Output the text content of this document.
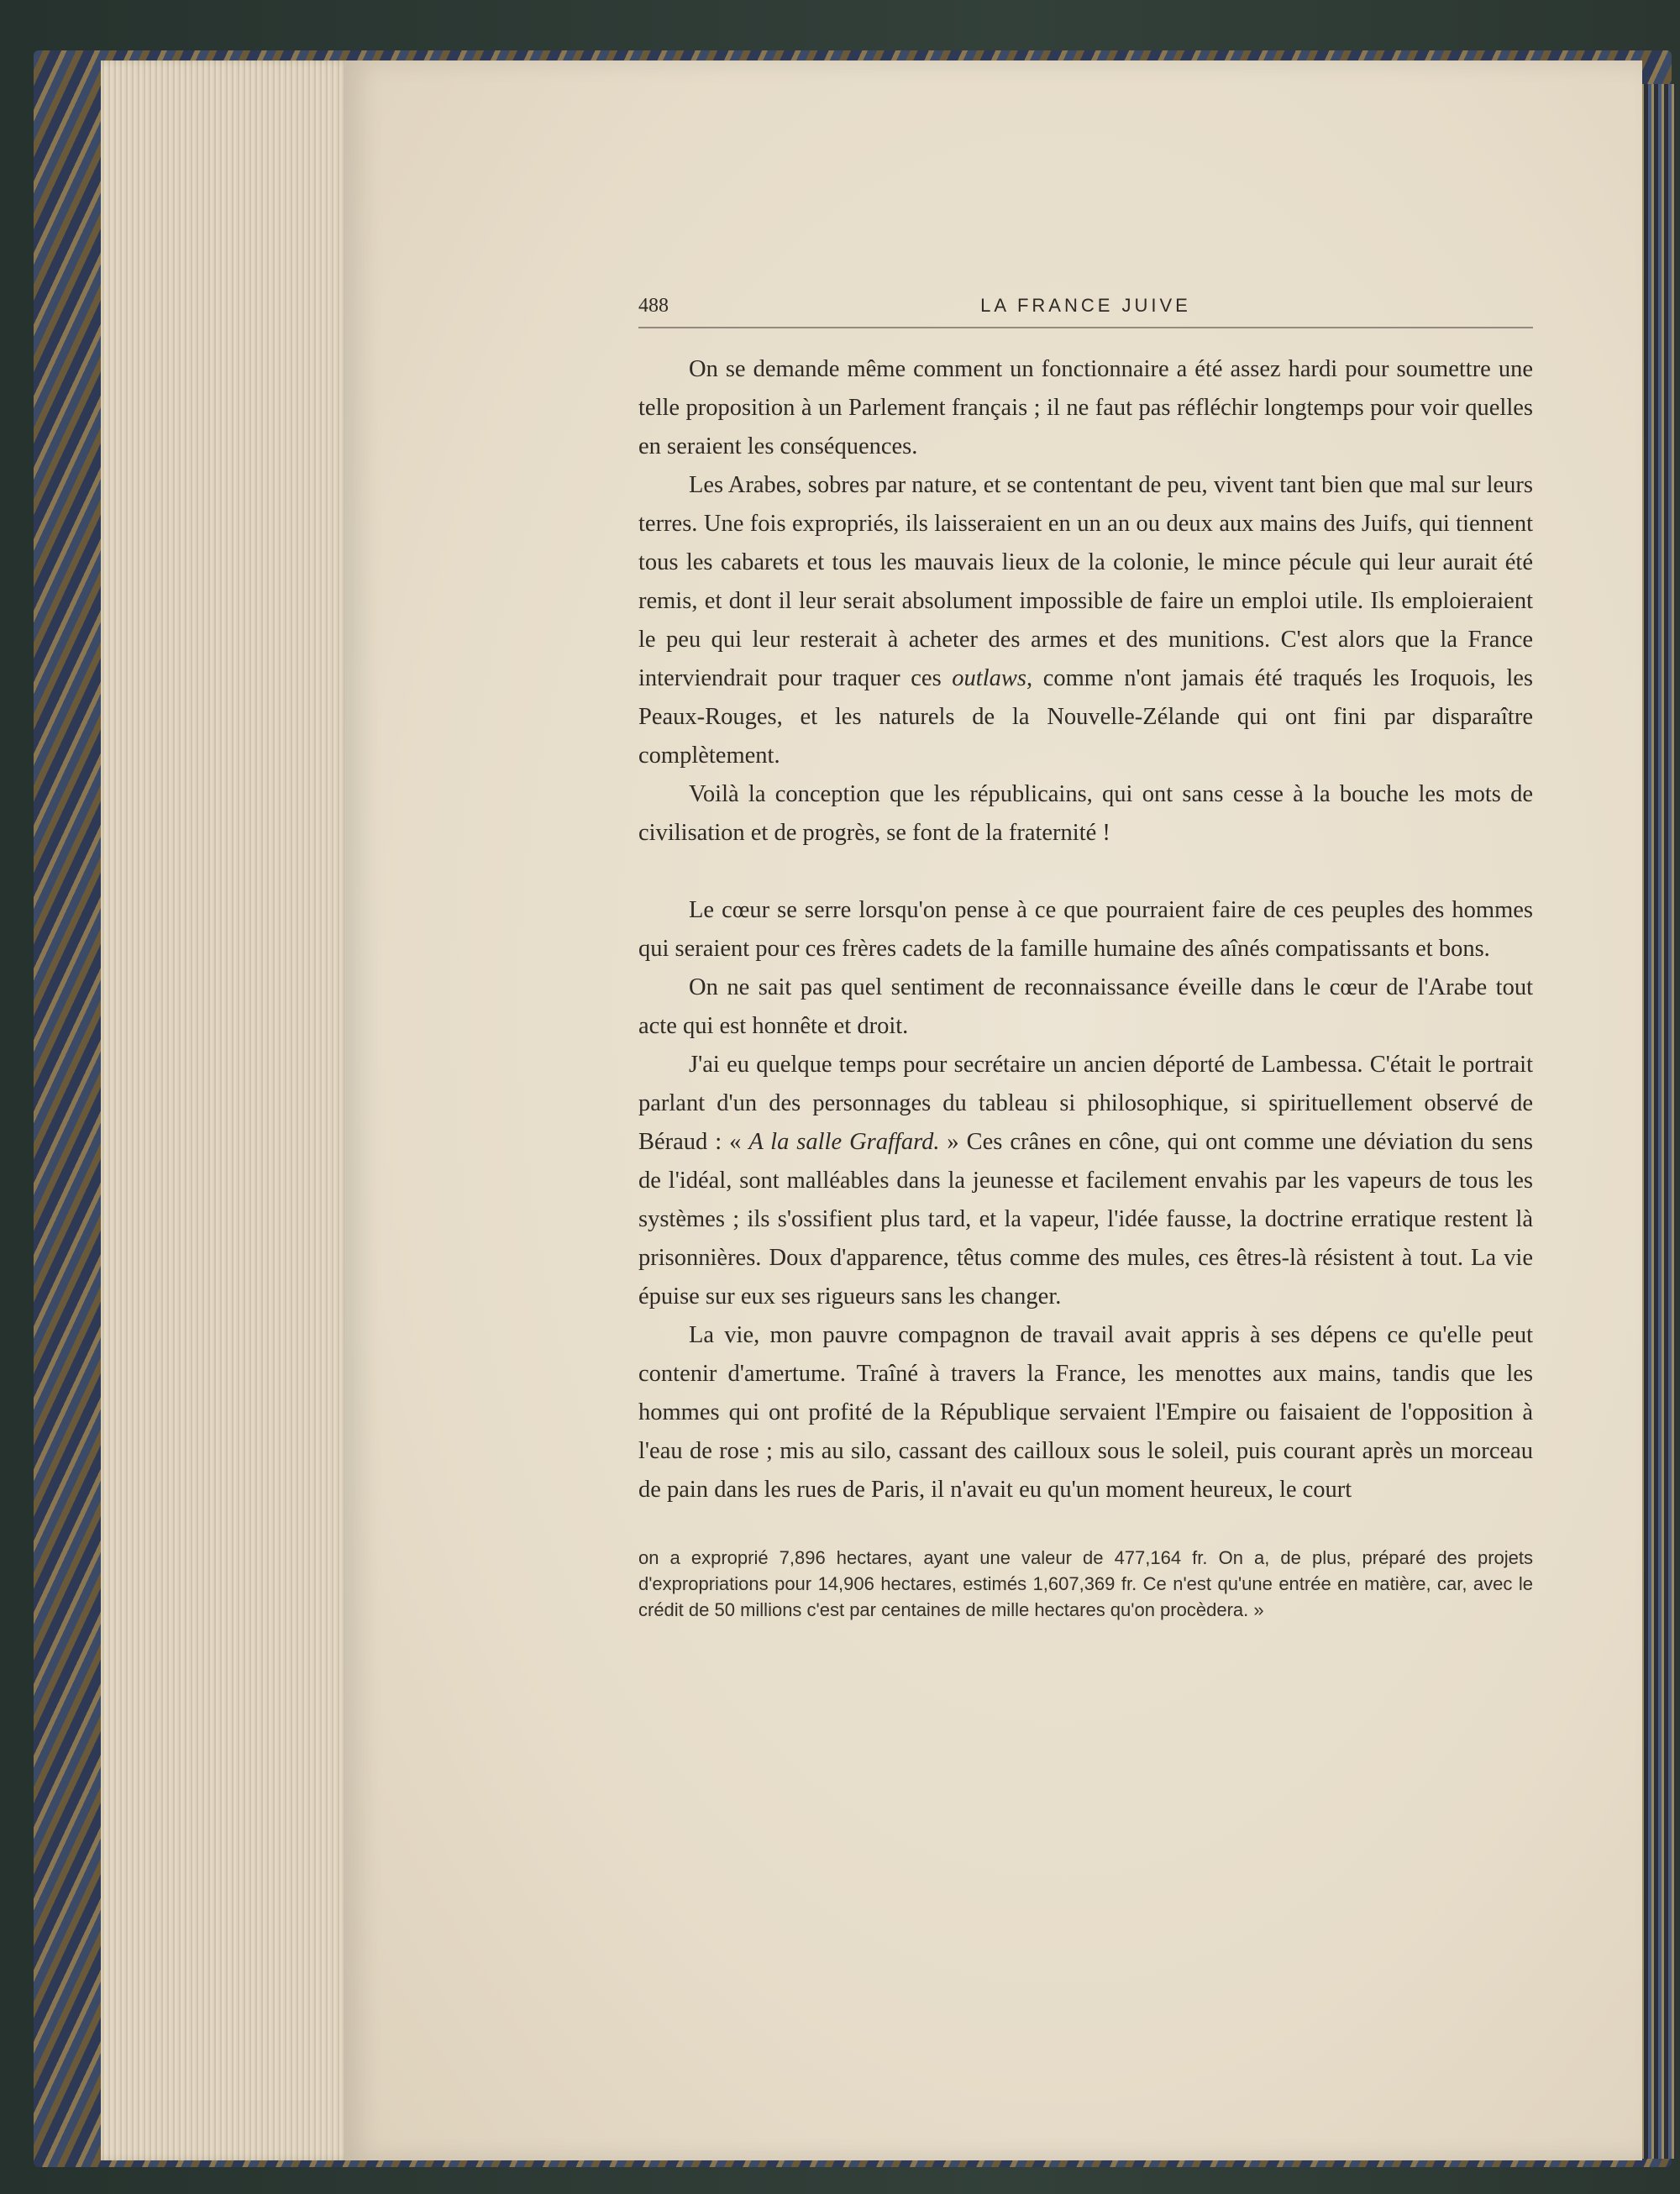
488	LA FRANCE JUIVE

On se demande même comment un fonctionnaire a été assez hardi pour soumettre une telle proposition à un Parlement français ; il ne faut pas réfléchir longtemps pour voir quelles en seraient les conséquences.

Les Arabes, sobres par nature, et se contentant de peu, vivent tant bien que mal sur leurs terres. Une fois expropriés, ils laisseraient en un an ou deux aux mains des Juifs, qui tiennent tous les cabarets et tous les mauvais lieux de la colonie, le mince pécule qui leur aurait été remis, et dont il leur serait absolument impossible de faire un emploi utile. Ils emploieraient le peu qui leur resterait à acheter des armes et des munitions. C'est alors que la France interviendrait pour traquer ces outlaws, comme n'ont jamais été traqués les Iroquois, les Peaux-Rouges, et les naturels de la Nouvelle-Zélande qui ont fini par disparaître complètement.

Voilà la conception que les républicains, qui ont sans cesse à la bouche les mots de civilisation et de progrès, se font de la fraternité !

Le cœur se serre lorsqu'on pense à ce que pourraient faire de ces peuples des hommes qui seraient pour ces frères cadets de la famille humaine des aînés compatissants et bons.

On ne sait pas quel sentiment de reconnaissance éveille dans le cœur de l'Arabe tout acte qui est honnête et droit.

J'ai eu quelque temps pour secrétaire un ancien déporté de Lambessa. C'était le portrait parlant d'un des personnages du tableau si philosophique, si spirituellement observé de Béraud : « A la salle Graffard. » Ces crânes en cône, qui ont comme une déviation du sens de l'idéal, sont malléables dans la jeunesse et facilement envahis par les vapeurs de tous les systèmes ; ils s'ossifient plus tard, et la vapeur, l'idée fausse, la doctrine erratique restent là prisonnières. Doux d'apparence, têtus comme des mules, ces êtres-là résistent à tout. La vie épuise sur eux ses rigueurs sans les changer.

La vie, mon pauvre compagnon de travail avait appris à ses dépens ce qu'elle peut contenir d'amertume. Traîné à travers la France, les menottes aux mains, tandis que les hommes qui ont profité de la République servaient l'Empire ou faisaient de l'opposition à l'eau de rose ; mis au silo, cassant des cailloux sous le soleil, puis courant après un morceau de pain dans les rues de Paris, il n'avait eu qu'un moment heureux, le court

on a exproprié 7,896 hectares, ayant une valeur de 477,164 fr. On a, de plus, préparé des projets d'expropriations pour 14,906 hectares, estimés 1,607,369 fr. Ce n'est qu'une entrée en matière, car, avec le crédit de 50 millions c'est par centaines de mille hectares qu'on procèdera. »
